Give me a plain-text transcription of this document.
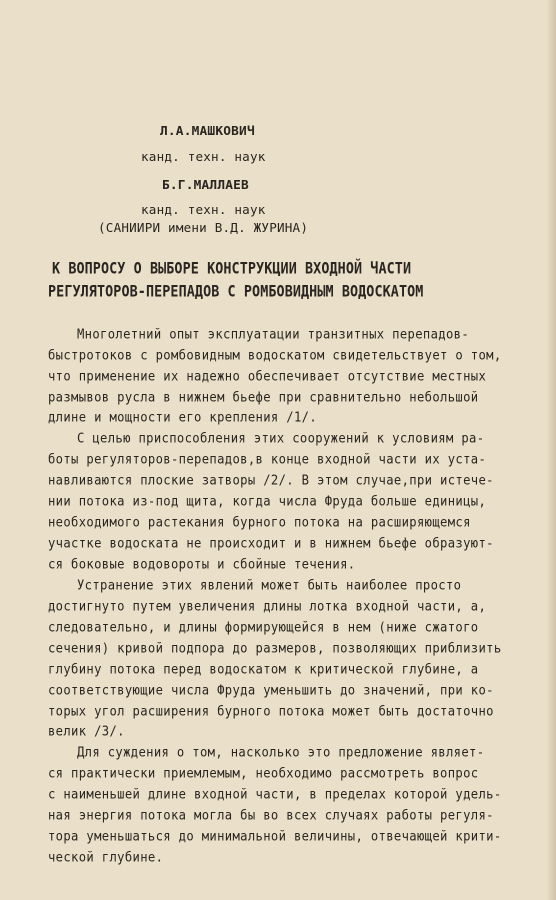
Л.А.МАШКОВИЧ
канд. техн. наук
Б.Г.МАЛЛАЕВ
канд. техн. наук
(САНИИРИ имени В.Д. ЖУРИНА)
К ВОПРОСУ О ВЫБОРЕ КОНСТРУКЦИИ ВХОДНОЙ ЧАСТИ
РЕГУЛЯТОРОВ-ПЕРЕПАДОВ С РОМБОВИДНЫМ ВОДОСКАТОМ
Многолетний опыт эксплуатации транзитных перепадов-
быстротоков с ромбовидным водоскатом свидетельствует о том,
что применение их надежно обеспечивает отсутствие местных
размывов русла в нижнем бьефе при сравнительно небольшой
длине и мощности его крепления /1/.
С целью приспособления этих сооружений к условиям ра-
боты регуляторов-перепадов,в конце входной части их уста-
навливаются плоские затворы /2/. В этом случае,при истече-
нии потока из-под щита, когда числа Фруда больше единицы,
необходимого растекания бурного потока на расширяющемся
участке водоската не происходит и в нижнем бьефе образуют-
ся боковые водовороты и сбойные течения.
Устранение этих явлений может быть наиболее просто
достигнуто путем увеличения длины лотка входной части, а,
следовательно, и длины формирующейся в нем (ниже сжатого
сечения) кривой подпора до размеров, позволяющих приблизить
глубину потока перед водоскатом к критической глубине, а
соответствующие числа Фруда уменьшить до значений, при ко-
торых угол расширения бурного потока может быть достаточно
велик /3/.
Для суждения о том, насколько это предложение являет-
ся практически приемлемым, необходимо рассмотреть вопрос
с наименьшей длине входной части, в пределах которой удель-
ная энергия потока могла бы во всех случаях работы регуля-
тора уменьшаться до минимальной величины, отвечающей крити-
ческой глубине.
